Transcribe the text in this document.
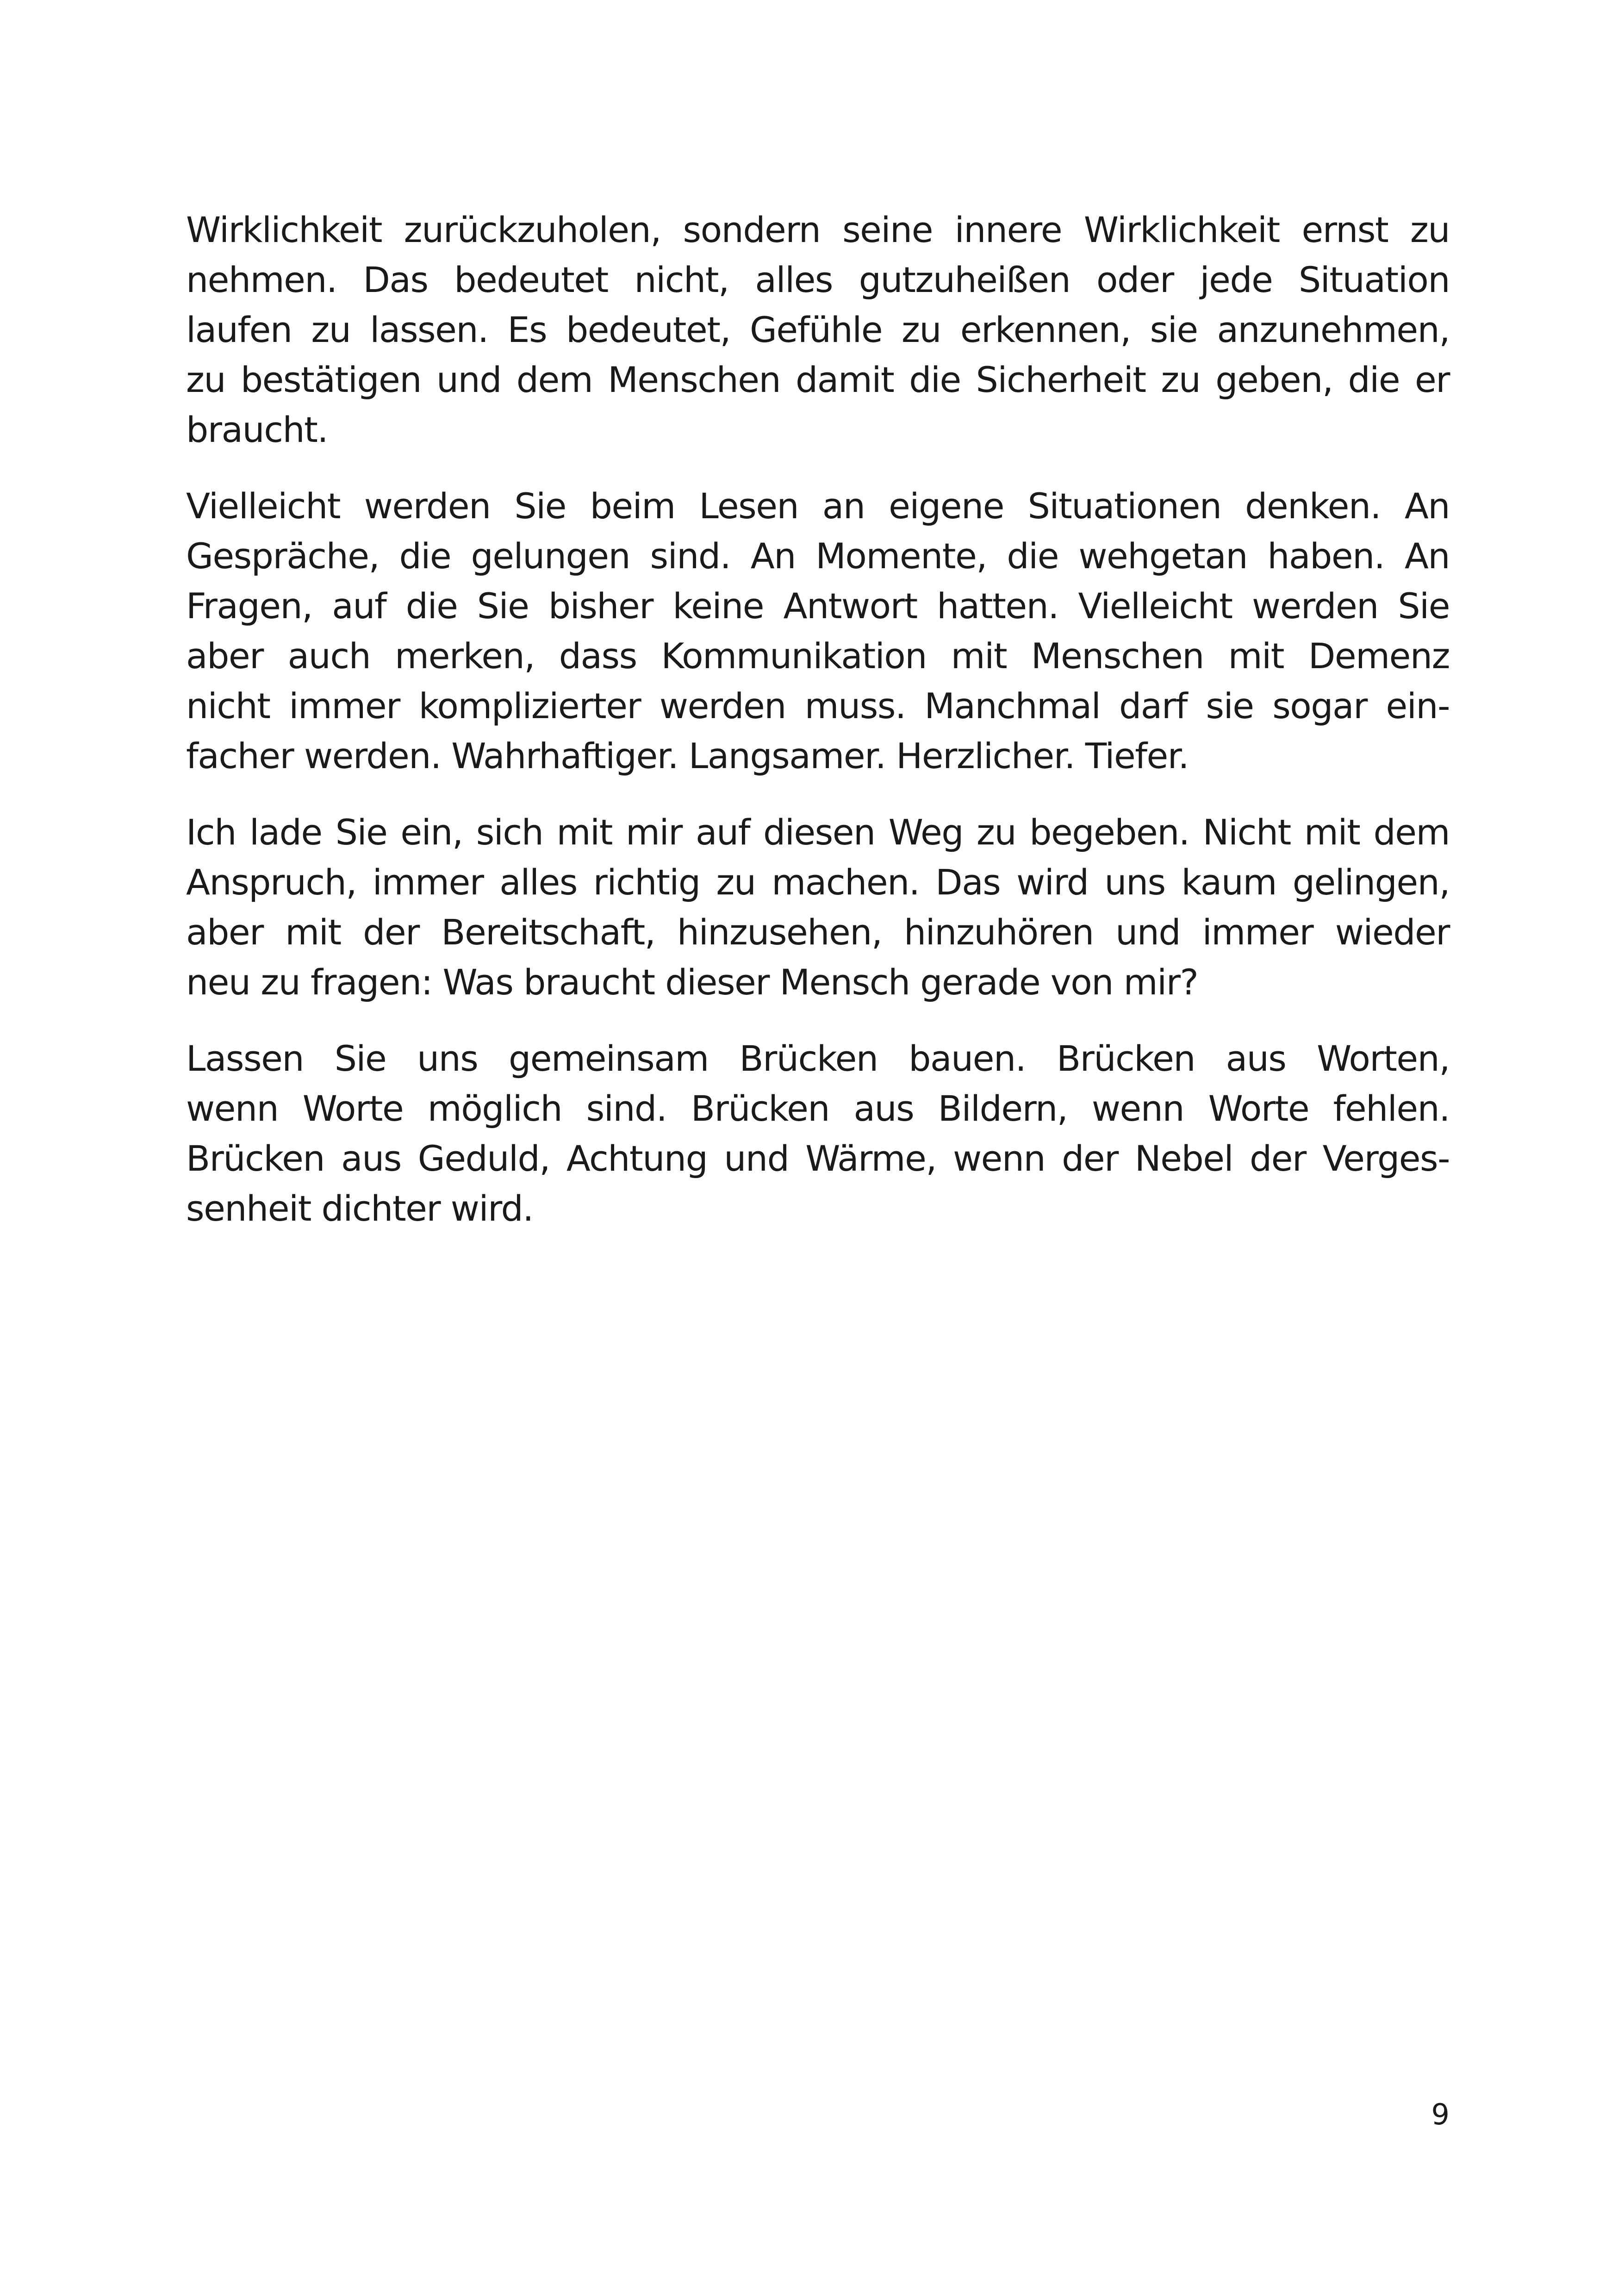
Wirklichkeit zurückzuholen, sondern seine innere Wirklichkeit ernst zu
nehmen. Das bedeutet nicht, alles gutzuheißen oder jede Situation
laufen zu lassen. Es bedeutet, Gefühle zu erkennen, sie anzunehmen,
zu bestätigen und dem Menschen damit die Sicherheit zu geben, die er
braucht.
Vielleicht werden Sie beim Lesen an eigene Situationen denken. An
Gespräche, die gelungen sind. An Momente, die wehgetan haben. An
Fragen, auf die Sie bisher keine Antwort hatten. Vielleicht werden Sie
aber auch merken, dass Kommunikation mit Menschen mit Demenz
nicht immer komplizierter werden muss. Manchmal darf sie sogar ein-
facher werden. Wahrhaftiger. Langsamer. Herzlicher. Tiefer.
Ich lade Sie ein, sich mit mir auf diesen Weg zu begeben. Nicht mit dem
Anspruch, immer alles richtig zu machen. Das wird uns kaum gelingen,
aber mit der Bereitschaft, hinzusehen, hinzuhören und immer wieder
neu zu fragen: Was braucht dieser Mensch gerade von mir?
Lassen Sie uns gemeinsam Brücken bauen. Brücken aus Worten,
wenn Worte möglich sind. Brücken aus Bildern, wenn Worte fehlen.
Brücken aus Geduld, Achtung und Wärme, wenn der Nebel der Verges-
senheit dichter wird.
9
